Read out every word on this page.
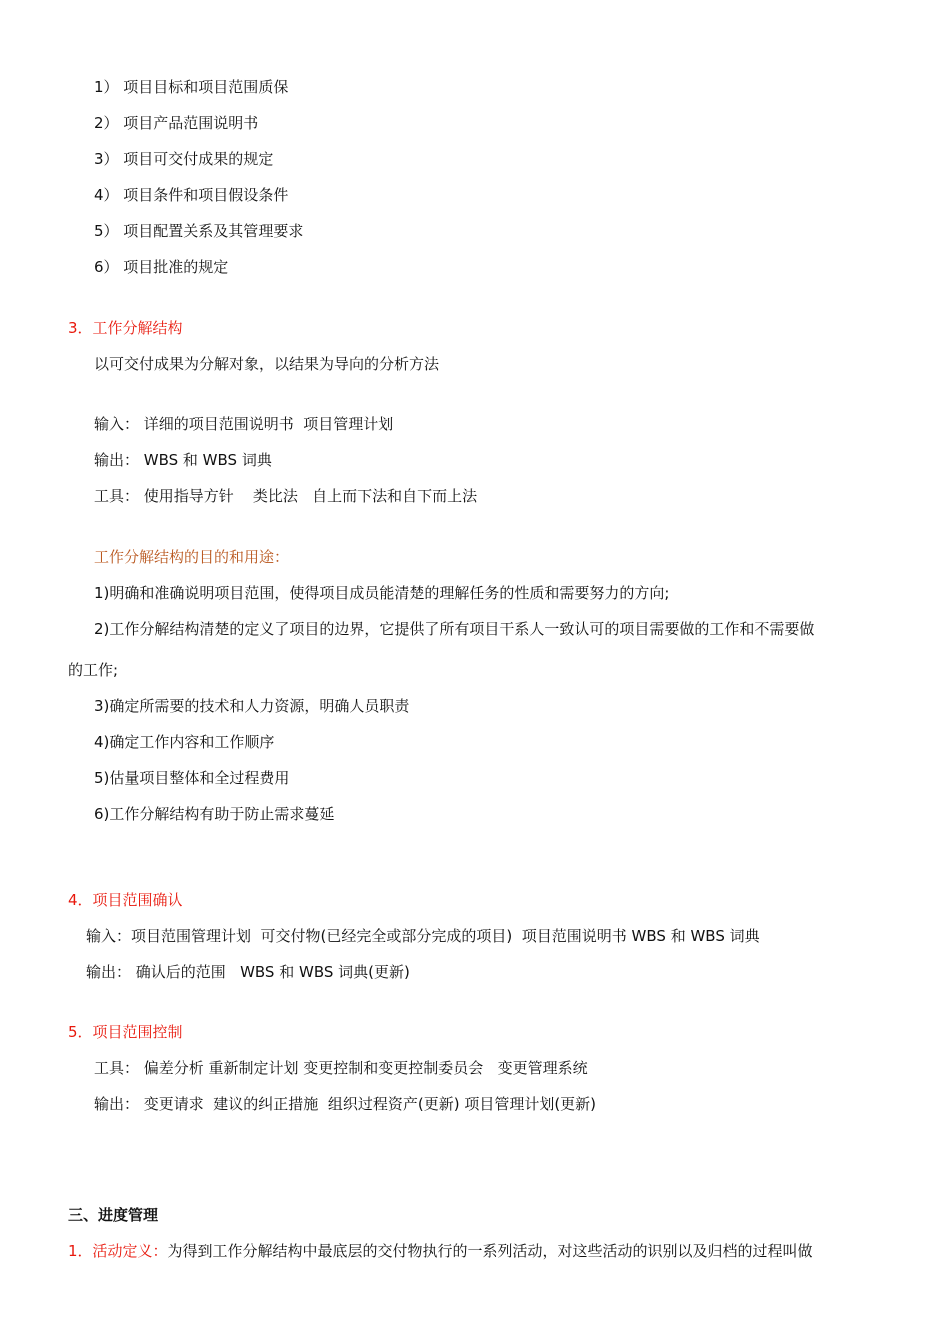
1） 项目目标和项目范围质保
2） 项目产品范围说明书
3） 项目可交付成果的规定
4） 项目条件和项目假设条件
5） 项目配置关系及其管理要求
6） 项目批准的规定
3．工作分解结构
以可交付成果为分解对象，以结果为导向的分析方法
输入： 详细的项目范围说明书  项目管理计划
输出： WBS 和 WBS 词典
工具： 使用指导方针    类比法   自上而下法和自下而上法
工作分解结构的目的和用途：
1)明确和准确说明项目范围，使得项目成员能清楚的理解任务的性质和需要努力的方向;
2)工作分解结构清楚的定义了项目的边界，它提供了所有项目干系人一致认可的项目需要做的工作和不需要做
的工作;
3)确定所需要的技术和人力资源，明确人员职责
4)确定工作内容和工作顺序
5)估量项目整体和全过程费用
6)工作分解结构有助于防止需求蔓延
4．项目范围确认
输入：项目范围管理计划  可交付物(已经完全或部分完成的项目)  项目范围说明书 WBS 和 WBS 词典
输出： 确认后的范围   WBS 和 WBS 词典(更新)
5．项目范围控制
工具： 偏差分析 重新制定计划 变更控制和变更控制委员会   变更管理系统
输出： 变更请求  建议的纠正措施  组织过程资产(更新) 项目管理计划(更新)
三、进度管理
1．活动定义：为得到工作分解结构中最底层的交付物执行的一系列活动，对这些活动的识别以及归档的过程叫做
